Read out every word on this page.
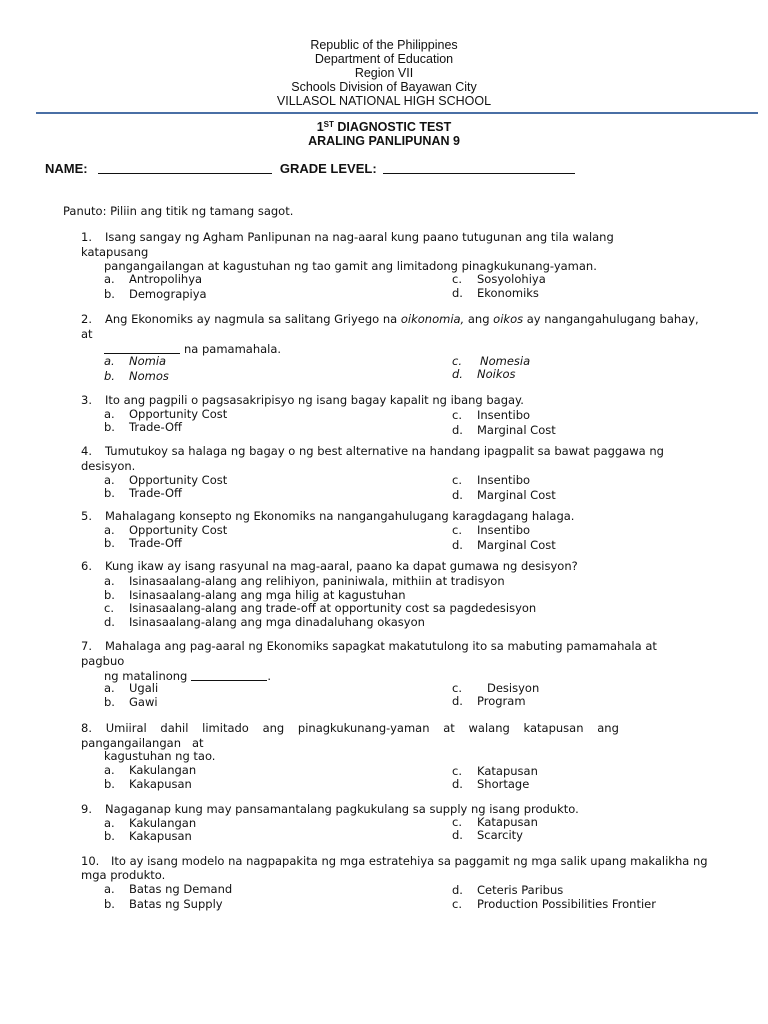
Republic of the Philippines
Department of Education
Region VII
Schools Division of Bayawan City
VILLASOL NATIONAL HIGH SCHOOL
1ST DIAGNOSTIC TEST
ARALING PANLIPUNAN 9
NAME:	GRADE LEVEL:
Panuto: Piliin ang titik ng tamang sagot.
1. Isang sangay ng Agham Panlipunan na nag-aaral kung paano tutugunan ang tila walang
katapusang
pangangailangan at kagustuhan ng tao gamit ang limitadong pinagkukunang-yaman.
a. Antropolihya
b. Demograpiya
c. Sosyolohiya
d. Ekonomiks
2. Ang Ekonomiks ay nagmula sa salitang Griyego na oikonomia, ang oikos ay nangangahulugang bahay,
at
na pamamahala.
a. Nomia
b. Nomos
c. Nomesia
d. Noikos
3. Ito ang pagpili o pagsasakripisyo ng isang bagay kapalit ng ibang bagay.
a. Opportunity Cost
b. Trade-Off
c. Insentibo
d. Marginal Cost
4. Tumutukoy sa halaga ng bagay o ng best alternative na handang ipagpalit sa bawat paggawa ng
desisyon.
a. Opportunity Cost
b. Trade-Off
c. Insentibo
d. Marginal Cost
5. Mahalagang konsepto ng Ekonomiks na nangangahulugang karagdagang halaga.
a. Opportunity Cost
b. Trade-Off
c. Insentibo
d. Marginal Cost
6. Kung ikaw ay isang rasyunal na mag-aaral, paano ka dapat gumawa ng desisyon?
a. Isinasaalang-alang ang relihiyon, paniniwala, mithiin at tradisyon
b. Isinasaalang-alang ang mga hilig at kagustuhan
c. Isinasaalang-alang ang trade-off at opportunity cost sa pagdedesisyon
d. Isinasaalang-alang ang mga dinadaluhang okasyon
7. Mahalaga ang pag-aaral ng Ekonomiks sapagkat makatutulong ito sa mabuting pamamahala at
pagbuo
ng matalinong	.
a. Ugali
b. Gawi
c. Desisyon
d. Program
8. Umiiral dahil limitado ang pinagkukunang-yaman at walang katapusan ang
pangangailangan   at
kagustuhan ng tao.
a. Kakulangan
b. Kakapusan
c. Katapusan
d. Shortage
9. Nagaganap kung may pansamantalang pagkukulang sa supply ng isang produkto.
a. Kakulangan
b. Kakapusan
c. Katapusan
d. Scarcity
10. Ito ay isang modelo na nagpapakita ng mga estratehiya sa paggamit ng mga salik upang makalikha ng
mga produkto.
a. Batas ng Demand
b. Batas ng Supply
d. Ceteris Paribus
c. Production Possibilities Frontier
